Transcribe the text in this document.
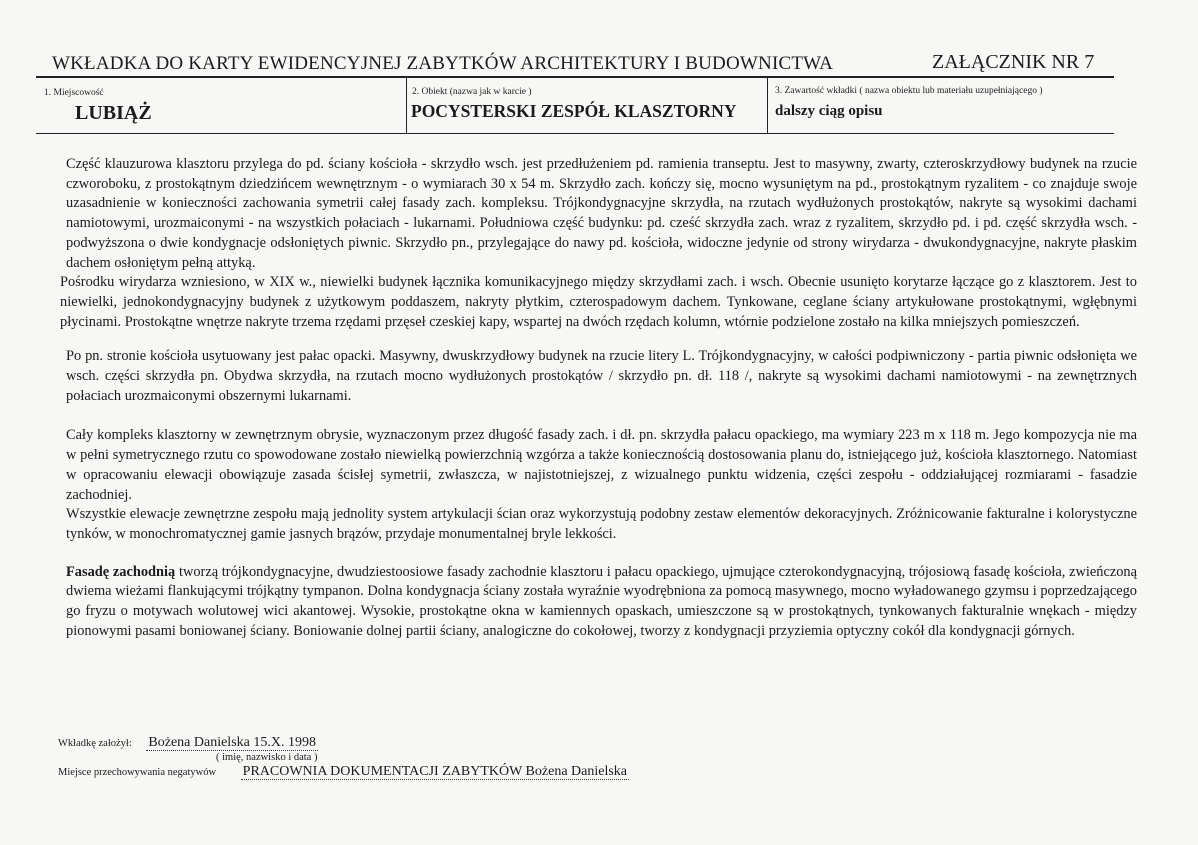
WKŁADKA DO KARTY EWIDENCYJNEJ ZABYTKÓW ARCHITEKTURY I BUDOWNICTWA	ZAŁĄCZNIK NR 7
1. Miejscowość
LUBIĄŻ
2. Obiekt (nazwa jak w karcie )
POCYSTERSKI ZESPÓŁ KLASZTORNY
3. Zawartość wkładki ( nazwa obiektu lub materiału uzupełniającego )
dalszy ciąg opisu

Część klauzurowa klasztoru przylega do pd. ściany kościoła - skrzydło wsch. jest przedłużeniem pd. ramienia transeptu. Jest to masywny, zwarty, czteroskrzydłowy budynek na rzucie czworoboku, z prostokątnym dziedzińcem wewnętrznym - o wymiarach 30 x 54 m. Skrzydło zach. kończy się, mocno wysuniętym na pd., prostokątnym ryzalitem - co znajduje swoje uzasadnienie w konieczności zachowania symetrii całej fasady zach. kompleksu. Trójkondygnacyjne skrzydła, na rzutach wydłużonych prostokątów, nakryte są wysokimi dachami namiotowymi, urozmaiconymi - na wszystkich połaciach - lukarnami. Południowa część budynku: pd. cześć skrzydła zach. wraz z ryzalitem, skrzydło pd. i pd. część skrzydła wsch. - podwyższona o dwie kondygnacje odsłoniętych piwnic. Skrzydło pn., przylegające do nawy pd. kościoła, widoczne jedynie od strony wirydarza - dwukondygnacyjne, nakryte płaskim dachem osłoniętym pełną attyką.

Pośrodku wirydarza wzniesiono, w XIX w., niewielki budynek łącznika komunikacyjnego między skrzydłami zach. i wsch. Obecnie usunięto korytarze łączące go z klasztorem. Jest to niewielki, jednokondygnacyjny budynek z użytkowym poddaszem, nakryty płytkim, czterospadowym dachem. Tynkowane, ceglane ściany artykułowane prostokątnymi, wgłębnymi płycinami. Prostokątne wnętrze nakryte trzema rzędami przęseł czeskiej kapy, wspartej na dwóch rzędach kolumn, wtórnie podzielone zostało na kilka mniejszych pomieszczeń.

Po pn. stronie kościoła usytuowany jest pałac opacki. Masywny, dwuskrzydłowy budynek na rzucie litery L. Trójkondygnacyjny, w całości podpiwniczony - partia piwnic odsłonięta we wsch. części skrzydła pn. Obydwa skrzydła, na rzutach mocno wydłużonych prostokątów / skrzydło pn. dł. 118 /, nakryte są wysokimi dachami namiotowymi - na zewnętrznych połaciach urozmaiconymi obszernymi lukarnami.

Cały kompleks klasztorny w zewnętrznym obrysie, wyznaczonym przez długość fasady zach. i dł. pn. skrzydła pałacu opackiego, ma wymiary 223 m x 118 m. Jego kompozycja nie ma w pełni symetrycznego rzutu co spowodowane zostało niewielką powierzchnią wzgórza a także koniecznością dostosowania planu do, istniejącego już, kościoła klasztornego. Natomiast w opracowaniu elewacji obowiązuje zasada ścisłej symetrii, zwłaszcza, w najistotniejszej, z wizualnego punktu widzenia, części zespołu - oddziałującej rozmiarami - fasadzie zachodniej.

Wszystkie elewacje zewnętrzne zespołu mają jednolity system artykulacji ścian oraz wykorzystują podobny zestaw elementów dekoracyjnych. Zróżnicowanie fakturalne i kolorystyczne tynków, w monochromatycznej gamie jasnych brązów, przydaje monumentalnej bryle lekkości.

Fasadę zachodnią tworzą trójkondygnacyjne, dwudziestoosiowe fasady zachodnie klasztoru i pałacu opackiego, ujmujące czterokondygnacyjną, trójosiową fasadę kościoła, zwieńczoną dwiema wieżami flankującymi trójkątny tympanon. Dolna kondygnacja ściany została wyraźnie wyodrębniona za pomocą masywnego, mocno wyładowanego gzymsu i poprzedzającego go fryzu o motywach wolutowej wici akantowej. Wysokie, prostokątne okna w kamiennych opaskach, umieszczone są w prostokątnych, tynkowanych fakturalnie wnękach - między pionowymi pasami boniowanej ściany. Boniowanie dolnej partii ściany, analogiczne do cokołowej, tworzy z kondygnacji przyziemia optyczny cokół dla kondygnacji górnych.

Wkładkę założył: Bożena Danielska 15.X. 1998
( imię, nazwisko i data )
Miejsce przechowywania negatywów PRACOWNIA DOKUMENTACJI ZABYTKÓW Bożena Danielska
